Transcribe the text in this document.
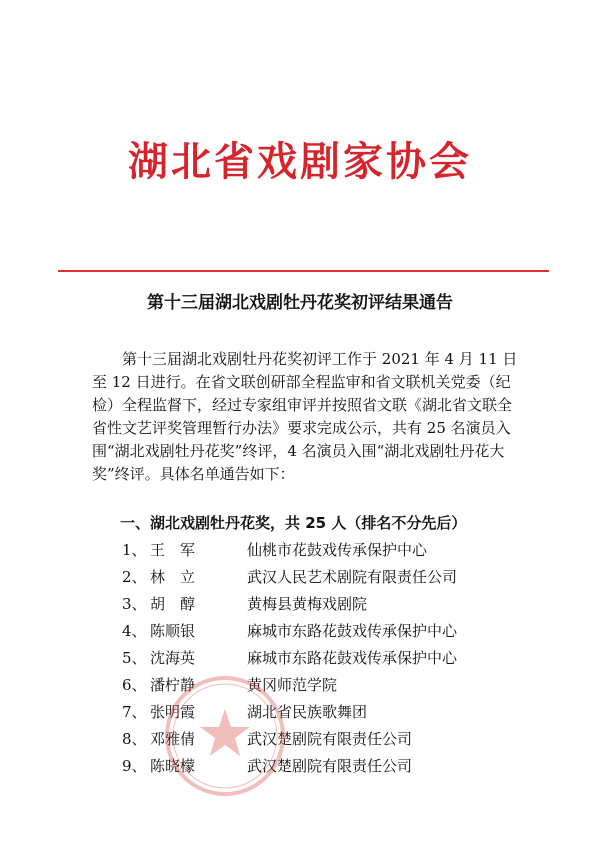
湖北省戏剧家协会
第十三届湖北戏剧牡丹花奖初评结果通告

第十三届湖北戏剧牡丹花奖初评工作于 2021 年 4 月 11 日至 12 日进行。在省文联创研部全程监审和省文联机关党委（纪检）全程监督下，经过专家组审评并按照省文联《湖北省文联全省性文艺评奖管理暂行办法》要求完成公示，共有 25 名演员入围“湖北戏剧牡丹花奖”终评，4 名演员入围“湖北戏剧牡丹花大奖”终评。具体名单通告如下：

一、湖北戏剧牡丹花奖，共 25 人（排名不分先后）
1、 王　军	仙桃市花鼓戏传承保护中心
2、 林　立	武汉人民艺术剧院有限责任公司
3、 胡　醇	黄梅县黄梅戏剧院
4、 陈顺银	麻城市东路花鼓戏传承保护中心
5、 沈海英	麻城市东路花鼓戏传承保护中心
6、 潘柠静	黄冈师范学院
7、 张明霞	湖北省民族歌舞团
8、 邓雅倩	武汉楚剧院有限责任公司
9、 陈晓檬	武汉楚剧院有限责任公司
